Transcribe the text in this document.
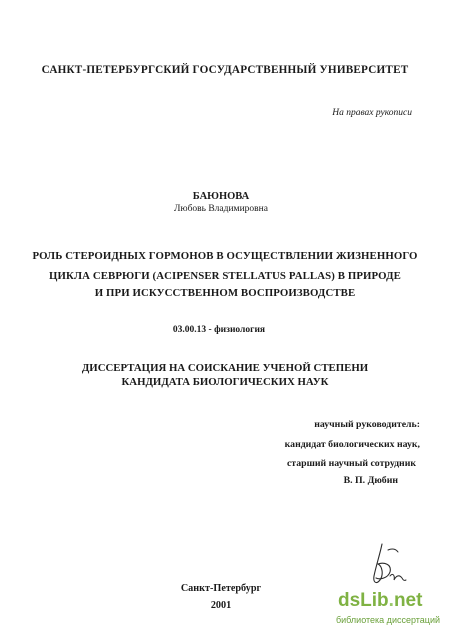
САНКТ-ПЕТЕРБУРГСКИЙ ГОСУДАРСТВЕННЫЙ УНИВЕРСИТЕТ
На правах рукописи
БАЮНОВА
Любовь Владимировна
РОЛЬ СТЕРОИДНЫХ ГОРМОНОВ В ОСУЩЕСТВЛЕНИИ ЖИЗНЕННОГО
ЦИКЛА СЕВРЮГИ (ACIPENSER STELLATUS PALLAS) В ПРИРОДЕ
И ПРИ ИСКУССТВЕННОМ ВОСПРОИЗВОДСТВЕ
03.00.13 - физиология
ДИССЕРТАЦИЯ НА СОИСКАНИЕ УЧЕНОЙ СТЕПЕНИ
КАНДИДАТА БИОЛОГИЧЕСКИХ НАУК
научный руководитель:
кандидат биологических наук,
старший научный сотрудник
В. П. Дюбин
Санкт-Петербург
2001	dsLib.net
библиотека диссертаций
